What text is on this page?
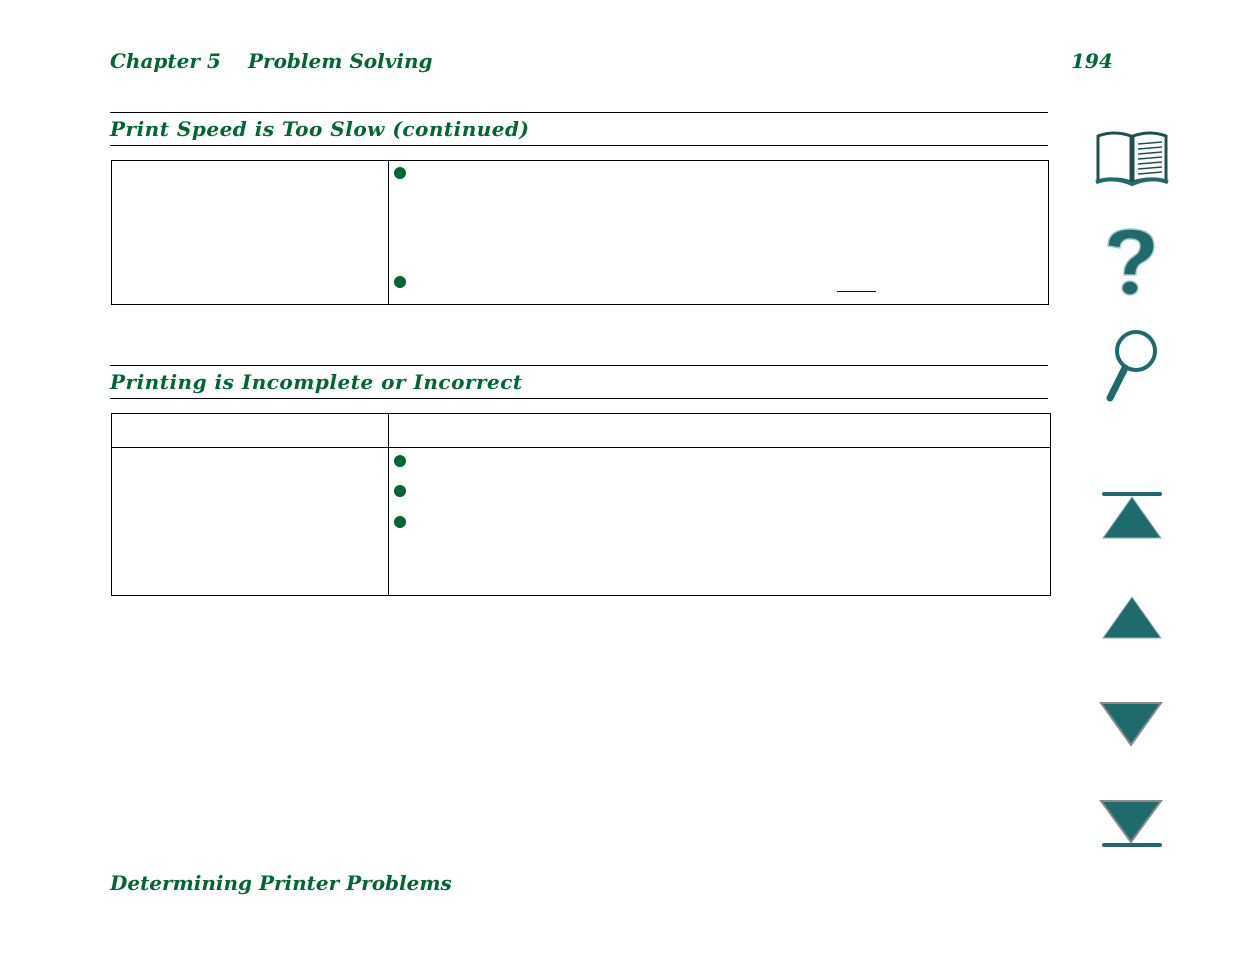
Chapter 5 Problem Solving	194
Print Speed is Too Slow (continued)
Printing is Incomplete or Incorrect
Determining Printer Problems
